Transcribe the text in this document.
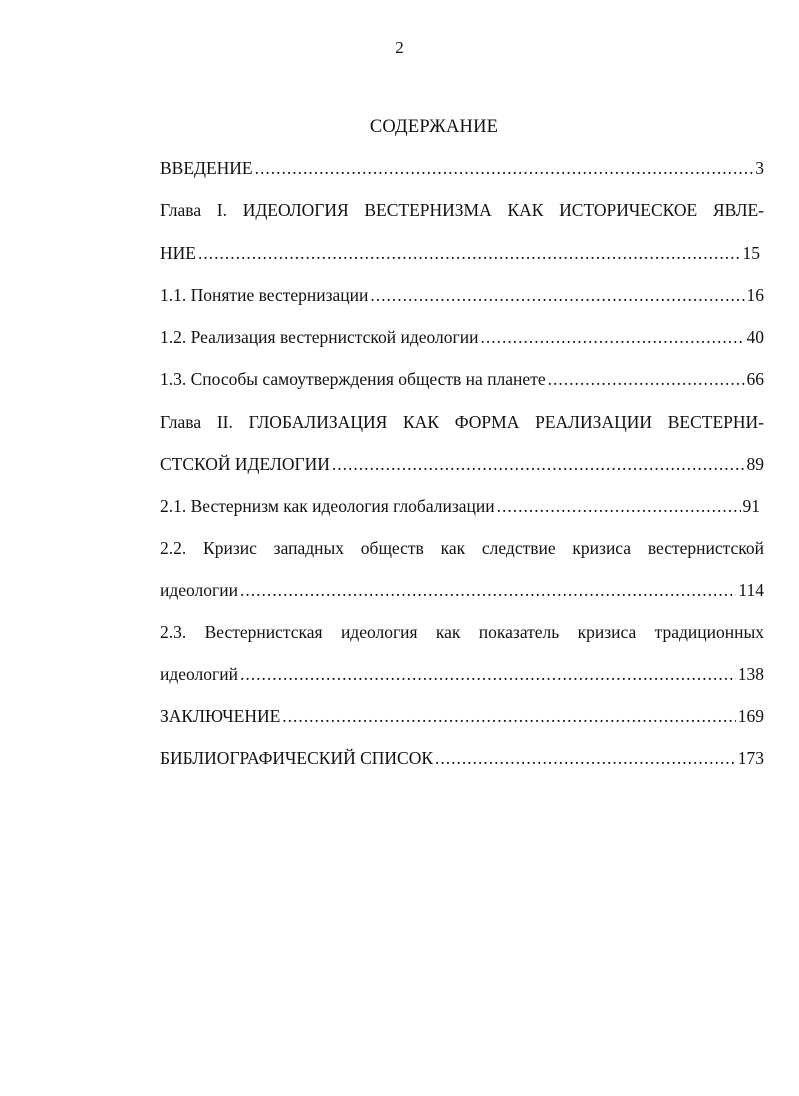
2
СОДЕРЖАНИЕ
ВВЕДЕНИЕ .....	3
Глава I. ИДЕОЛОГИЯ ВЕСТЕРНИЗМА КАК ИСТОРИЧЕСКОЕ ЯВЛЕ-
НИЕ .....	15
1.1. Понятие вестернизации .....	16
1.2. Реализация вестернистской идеологии .....	40
1.3. Способы самоутверждения обществ на планете .....	66
Глава II. ГЛОБАЛИЗАЦИЯ КАК ФОРМА РЕАЛИЗАЦИИ ВЕСТЕРНИ-
СТСКОЙ ИДЕЛОГИИ .....	89
2.1. Вестернизм как идеология глобализации .....	91
2.2. Кризис западных обществ как следствие кризиса вестернистской
идеологии .....	114
2.3. Вестернистская идеология как показатель кризиса традиционных
идеологий .....	138
ЗАКЛЮЧЕНИЕ .....	169
БИБЛИОГРАФИЧЕСКИЙ СПИСОК .....	173
